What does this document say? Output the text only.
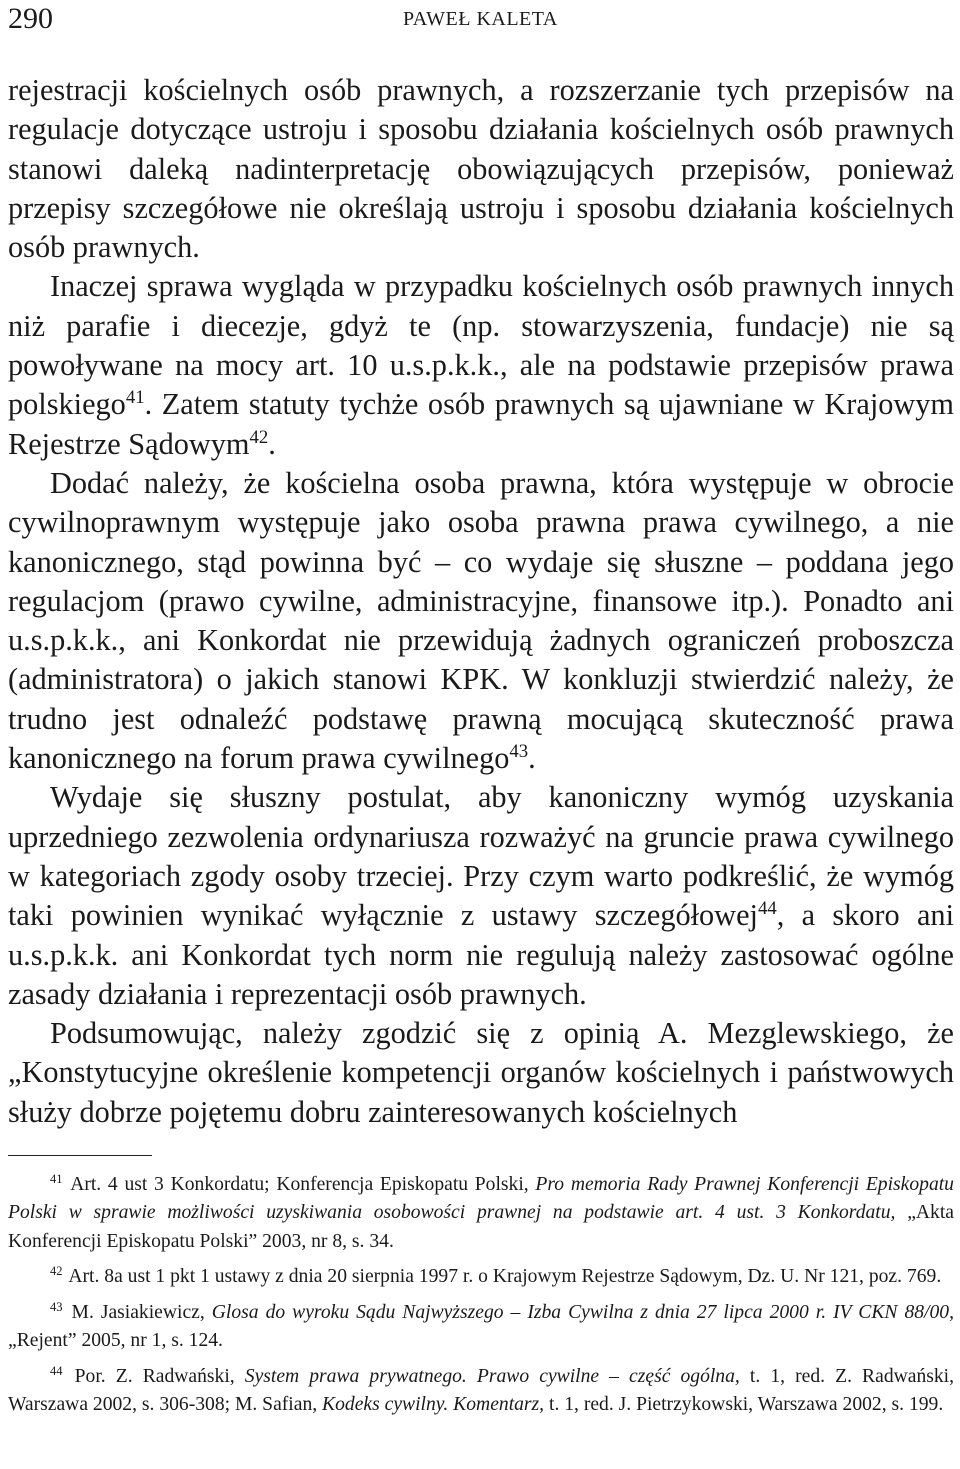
290	PAWEŁ KALETA

rejestracji kościelnych osób prawnych, a rozszerzanie tych przepisów na regulacje dotyczące ustroju i sposobu działania kościelnych osób prawnych stanowi daleką nadinterpretację obowiązujących przepisów, ponieważ przepisy szczegółowe nie określają ustroju i sposobu działania kościelnych osób prawnych.

Inaczej sprawa wygląda w przypadku kościelnych osób prawnych innych niż parafie i diecezje, gdyż te (np. stowarzyszenia, fundacje) nie są powoływane na mocy art. 10 u.s.p.k.k., ale na podstawie przepisów prawa polskiego$^{41}$. Zatem statuty tychże osób prawnych są ujawniane w Krajowym Rejestrze Sądowym$^{42}$.

Dodać należy, że kościelna osoba prawna, która występuje w obrocie cywilnoprawnym występuje jako osoba prawna prawa cywilnego, a nie kanonicznego, stąd powinna być – co wydaje się słuszne – poddana jego regulacjom (prawo cywilne, administracyjne, finansowe itp.). Ponadto ani u.s.p.k.k., ani Konkordat nie przewidują żadnych ograniczeń proboszcza (administratora) o jakich stanowi KPK. W konkluzji stwierdzić należy, że trudno jest odnaleźć podstawę prawną mocującą skuteczność prawa kanonicznego na forum prawa cywilnego$^{43}$.

Wydaje się słuszny postulat, aby kanoniczny wymóg uzyskania uprzedniego zezwolenia ordynariusza rozważyć na gruncie prawa cywilnego w kategoriach zgody osoby trzeciej. Przy czym warto podkreślić, że wymóg taki powinien wynikać wyłącznie z ustawy szczegółowej$^{44}$, a skoro ani u.s.p.k.k. ani Konkordat tych norm nie regulują należy zastosować ogólne zasady działania i reprezentacji osób prawnych.

Podsumowując, należy zgodzić się z opinią A. Mezglewskiego, że „Konstytucyjne określenie kompetencji organów kościelnych i państwowych służy dobrze pojętemu dobru zainteresowanych kościelnych

$^{41}$ Art. 4 ust 3 Konkordatu; Konferencja Episkopatu Polski, Pro memoria Rady Prawnej Konferencji Episkopatu Polski w sprawie możliwości uzyskiwania osobowości prawnej na podstawie art. 4 ust. 3 Konkordatu, „Akta Konferencji Episkopatu Polski” 2003, nr 8, s. 34.

$^{42}$ Art. 8a ust 1 pkt 1 ustawy z dnia 20 sierpnia 1997 r. o Krajowym Rejestrze Sądowym, Dz. U. Nr 121, poz. 769.

$^{43}$ M. Jasiakiewicz, Glosa do wyroku Sądu Najwyższego – Izba Cywilna z dnia 27 lipca 2000 r. IV CKN 88/00, „Rejent” 2005, nr 1, s. 124.

$^{44}$ Por. Z. Radwański, System prawa prywatnego. Prawo cywilne – część ogólna, t. 1, red. Z. Radwański, Warszawa 2002, s. 306-308; M. Safian, Kodeks cywilny. Komentarz, t. 1, red. J. Pietrzykowski, Warszawa 2002, s. 199.
